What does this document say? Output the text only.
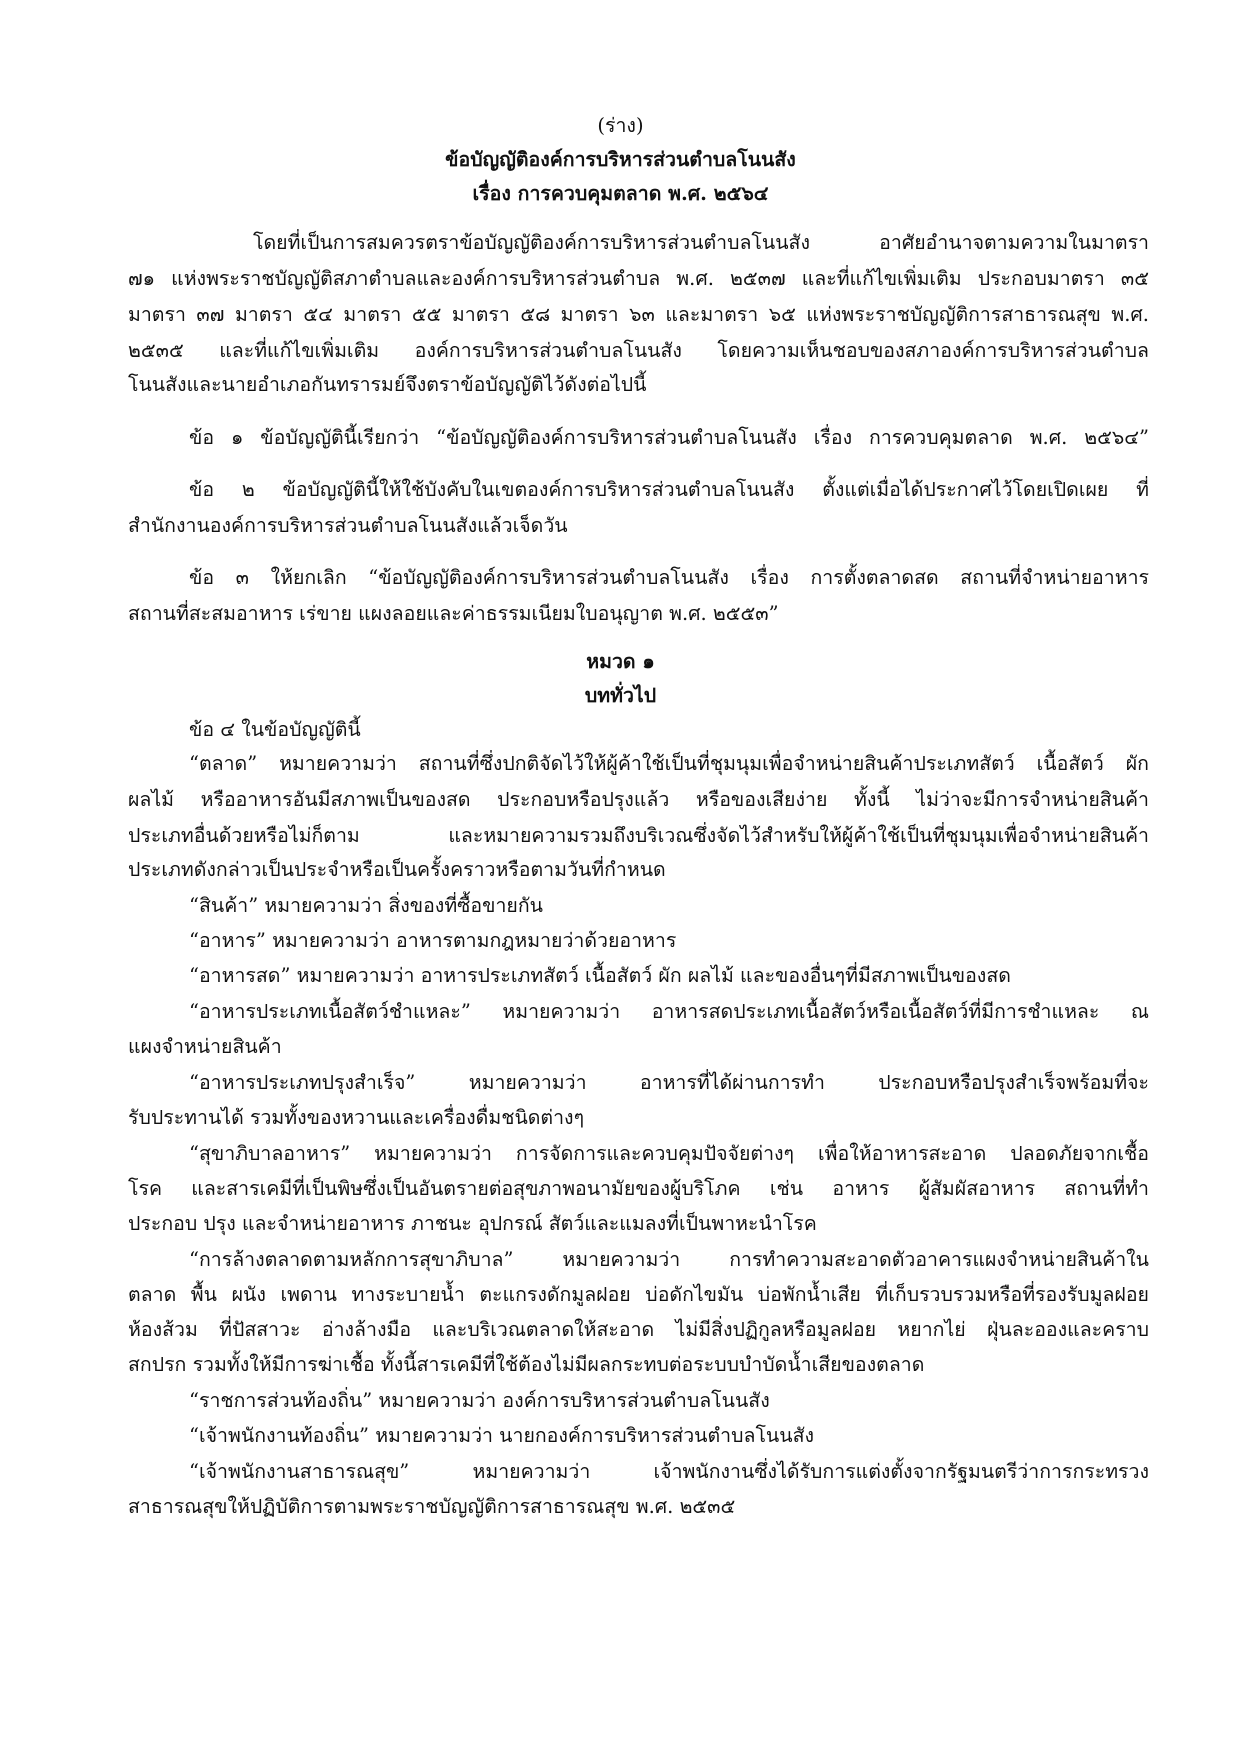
(ร่าง)
ข้อบัญญัติองค์การบริหารส่วนตำบลโนนสัง
เรื่อง การควบคุมตลาด พ.ศ. ๒๕๖๔
โดยที่เป็นการสมควรตราข้อบัญญัติองค์การบริหารส่วนตำบลโนนสัง อาศัยอำนาจตามความในมาตรา
๗๑ แห่งพระราชบัญญัติสภาตำบลและองค์การบริหารส่วนตำบล พ.ศ. ๒๕๓๗ และที่แก้ไขเพิ่มเติม ประกอบมาตรา ๓๕
มาตรา ๓๗ มาตรา ๕๔ มาตรา ๕๕ มาตรา ๕๘ มาตรา ๖๓ และมาตรา ๖๕ แห่งพระราชบัญญัติการสาธารณสุข พ.ศ.
๒๕๓๕ และที่แก้ไขเพิ่มเติม องค์การบริหารส่วนตำบลโนนสัง โดยความเห็นชอบของสภาองค์การบริหารส่วนตำบล
โนนสังและนายอำเภอกันทรารมย์จึงตราข้อบัญญัติไว้ดังต่อไปนี้
ข้อ ๑ ข้อบัญญัตินี้เรียกว่า “ข้อบัญญัติองค์การบริหารส่วนตำบลโนนสัง เรื่อง การควบคุมตลาด พ.ศ. ๒๕๖๔”
ข้อ ๒ ข้อบัญญัตินี้ให้ใช้บังคับในเขตองค์การบริหารส่วนตำบลโนนสัง ตั้งแต่เมื่อได้ประกาศไว้โดยเปิดเผย ที่
สำนักงานองค์การบริหารส่วนตำบลโนนสังแล้วเจ็ดวัน
ข้อ ๓ ให้ยกเลิก “ข้อบัญญัติองค์การบริหารส่วนตำบลโนนสัง เรื่อง การตั้งตลาดสด สถานที่จำหน่ายอาหาร
สถานที่สะสมอาหาร เร่ขาย แผงลอยและค่าธรรมเนียมใบอนุญาต พ.ศ. ๒๕๕๓”
หมวด ๑
บททั่วไป
ข้อ ๔ ในข้อบัญญัตินี้
“ตลาด” หมายความว่า สถานที่ซึ่งปกติจัดไว้ให้ผู้ค้าใช้เป็นที่ชุมนุมเพื่อจำหน่ายสินค้าประเภทสัตว์ เนื้อสัตว์ ผัก
ผลไม้ หรืออาหารอันมีสภาพเป็นของสด ประกอบหรือปรุงแล้ว หรือของเสียง่าย ทั้งนี้ ไม่ว่าจะมีการจำหน่ายสินค้า
ประเภทอื่นด้วยหรือไม่ก็ตาม และหมายความรวมถึงบริเวณซึ่งจัดไว้สำหรับให้ผู้ค้าใช้เป็นที่ชุมนุมเพื่อจำหน่ายสินค้า
ประเภทดังกล่าวเป็นประจำหรือเป็นครั้งคราวหรือตามวันที่กำหนด
“สินค้า” หมายความว่า สิ่งของที่ซื้อขายกัน
“อาหาร” หมายความว่า อาหารตามกฎหมายว่าด้วยอาหาร
“อาหารสด” หมายความว่า อาหารประเภทสัตว์ เนื้อสัตว์ ผัก ผลไม้ และของอื่นๆที่มีสภาพเป็นของสด
“อาหารประเภทเนื้อสัตว์ชำแหละ” หมายความว่า อาหารสดประเภทเนื้อสัตว์หรือเนื้อสัตว์ที่มีการชำแหละ ณ
แผงจำหน่ายสินค้า
“อาหารประเภทปรุงสำเร็จ” หมายความว่า อาหารที่ได้ผ่านการทำ ประกอบหรือปรุงสำเร็จพร้อมที่จะ
รับประทานได้ รวมทั้งของหวานและเครื่องดื่มชนิดต่างๆ
“สุขาภิบาลอาหาร” หมายความว่า การจัดการและควบคุมปัจจัยต่างๆ เพื่อให้อาหารสะอาด ปลอดภัยจากเชื้อ
โรค และสารเคมีที่เป็นพิษซึ่งเป็นอันตรายต่อสุขภาพอนามัยของผู้บริโภค เช่น อาหาร ผู้สัมผัสอาหาร สถานที่ทำ
ประกอบ ปรุง และจำหน่ายอาหาร ภาชนะ อุปกรณ์ สัตว์และแมลงที่เป็นพาหะนำโรค
“การล้างตลาดตามหลักการสุขาภิบาล” หมายความว่า การทำความสะอาดตัวอาคารแผงจำหน่ายสินค้าใน
ตลาด พื้น ผนัง เพดาน ทางระบายน้ำ ตะแกรงดักมูลฝอย บ่อดักไขมัน บ่อพักน้ำเสีย ที่เก็บรวบรวมหรือที่รองรับมูลฝอย
ห้องส้วม ที่ปัสสาวะ อ่างล้างมือ และบริเวณตลาดให้สะอาด ไม่มีสิ่งปฏิกูลหรือมูลฝอย หยากไย่ ฝุ่นละอองและคราบ
สกปรก รวมทั้งให้มีการฆ่าเชื้อ ทั้งนี้สารเคมีที่ใช้ต้องไม่มีผลกระทบต่อระบบบำบัดน้ำเสียของตลาด
“ราชการส่วนท้องถิ่น” หมายความว่า องค์การบริหารส่วนตำบลโนนสัง
“เจ้าพนักงานท้องถิ่น” หมายความว่า นายกองค์การบริหารส่วนตำบลโนนสัง
“เจ้าพนักงานสาธารณสุข” หมายความว่า เจ้าพนักงานซึ่งได้รับการแต่งตั้งจากรัฐมนตรีว่าการกระทรวง
สาธารณสุขให้ปฏิบัติการตามพระราชบัญญัติการสาธารณสุข พ.ศ. ๒๕๓๕
